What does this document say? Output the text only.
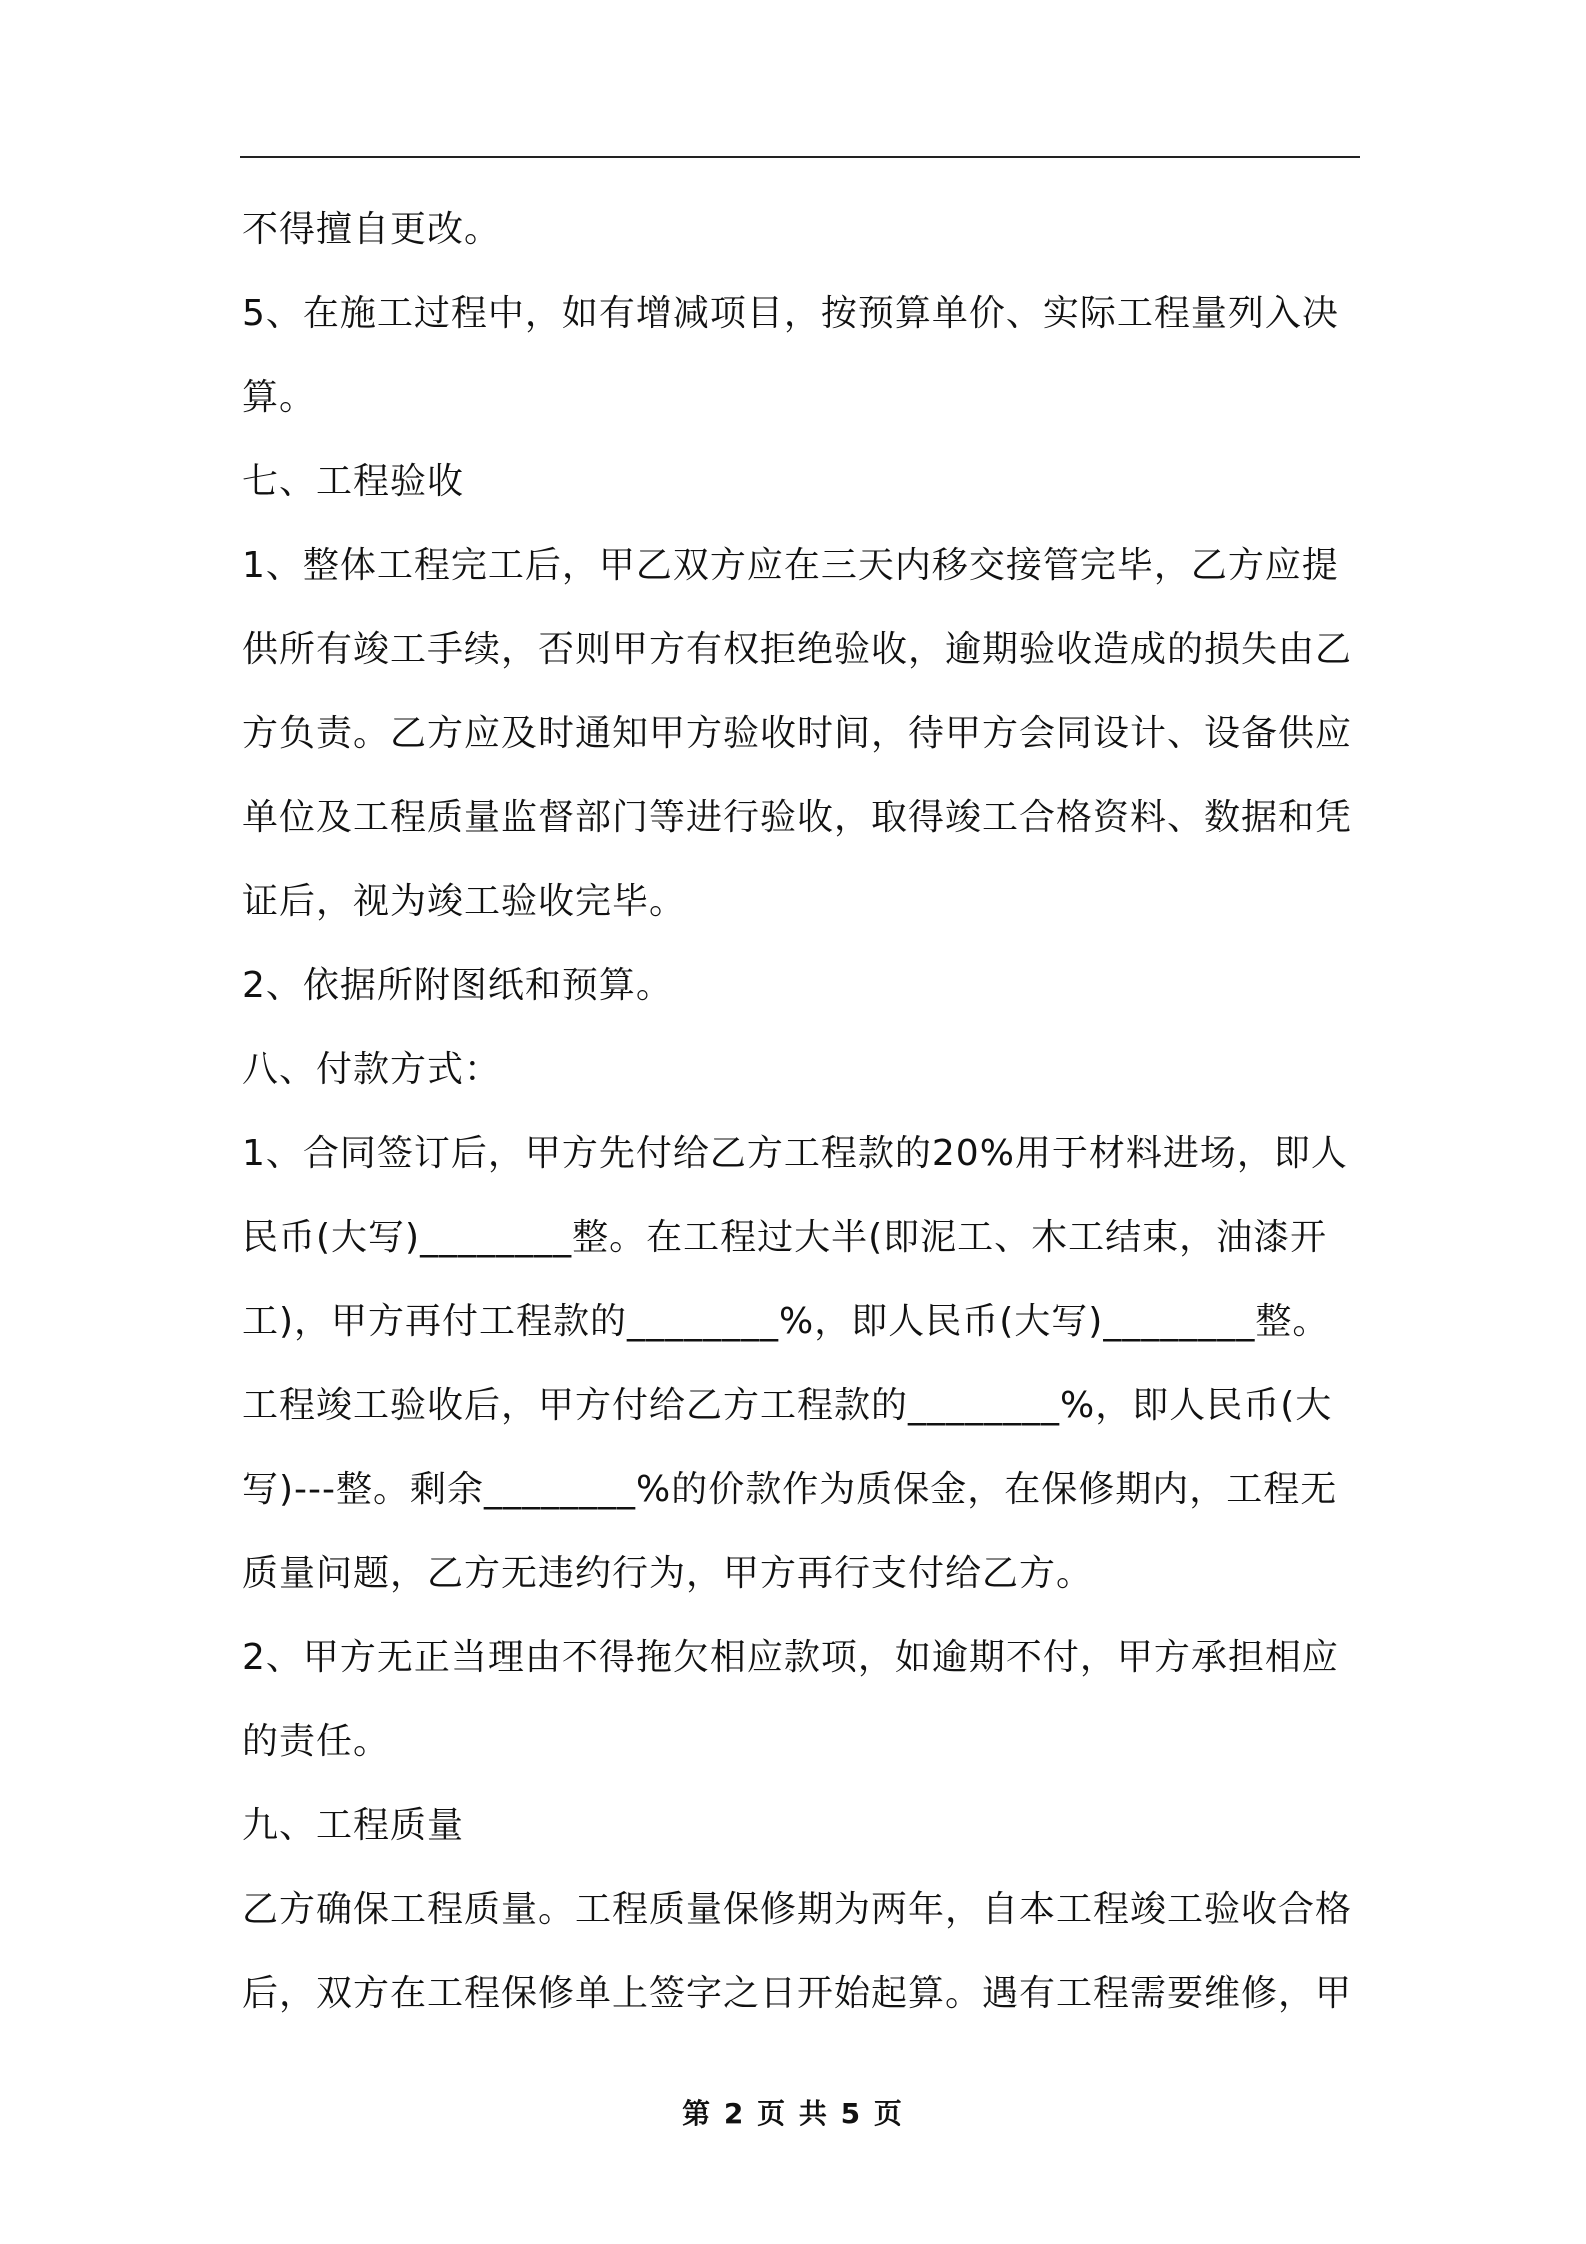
不得擅自更改。

5、在施工过程中，如有增减项目，按预算单价、实际工程量列入决算。

七、工程验收

1、整体工程完工后，甲乙双方应在三天内移交接管完毕，乙方应提供所有竣工手续，否则甲方有权拒绝验收，逾期验收造成的损失由乙方负责。乙方应及时通知甲方验收时间，待甲方会同设计、设备供应单位及工程质量监督部门等进行验收，取得竣工合格资料、数据和凭证后，视为竣工验收完毕。

2、依据所附图纸和预算。

八、付款方式：

1、合同签订后，甲方先付给乙方工程款的20%用于材料进场，即人民币(大写)________整。在工程过大半(即泥工、木工结束，油漆开工)，甲方再付工程款的________%，即人民币(大写)________整。工程竣工验收后，甲方付给乙方工程款的________%，即人民币(大写)---整。剩余________%的价款作为质保金，在保修期内，工程无质量问题，乙方无违约行为，甲方再行支付给乙方。

2、甲方无正当理由不得拖欠相应款项，如逾期不付，甲方承担相应的责任。

九、工程质量

乙方确保工程质量。工程质量保修期为两年，自本工程竣工验收合格后，双方在工程保修单上签字之日开始起算。遇有工程需要维修，甲

第 2 页 共 5 页
